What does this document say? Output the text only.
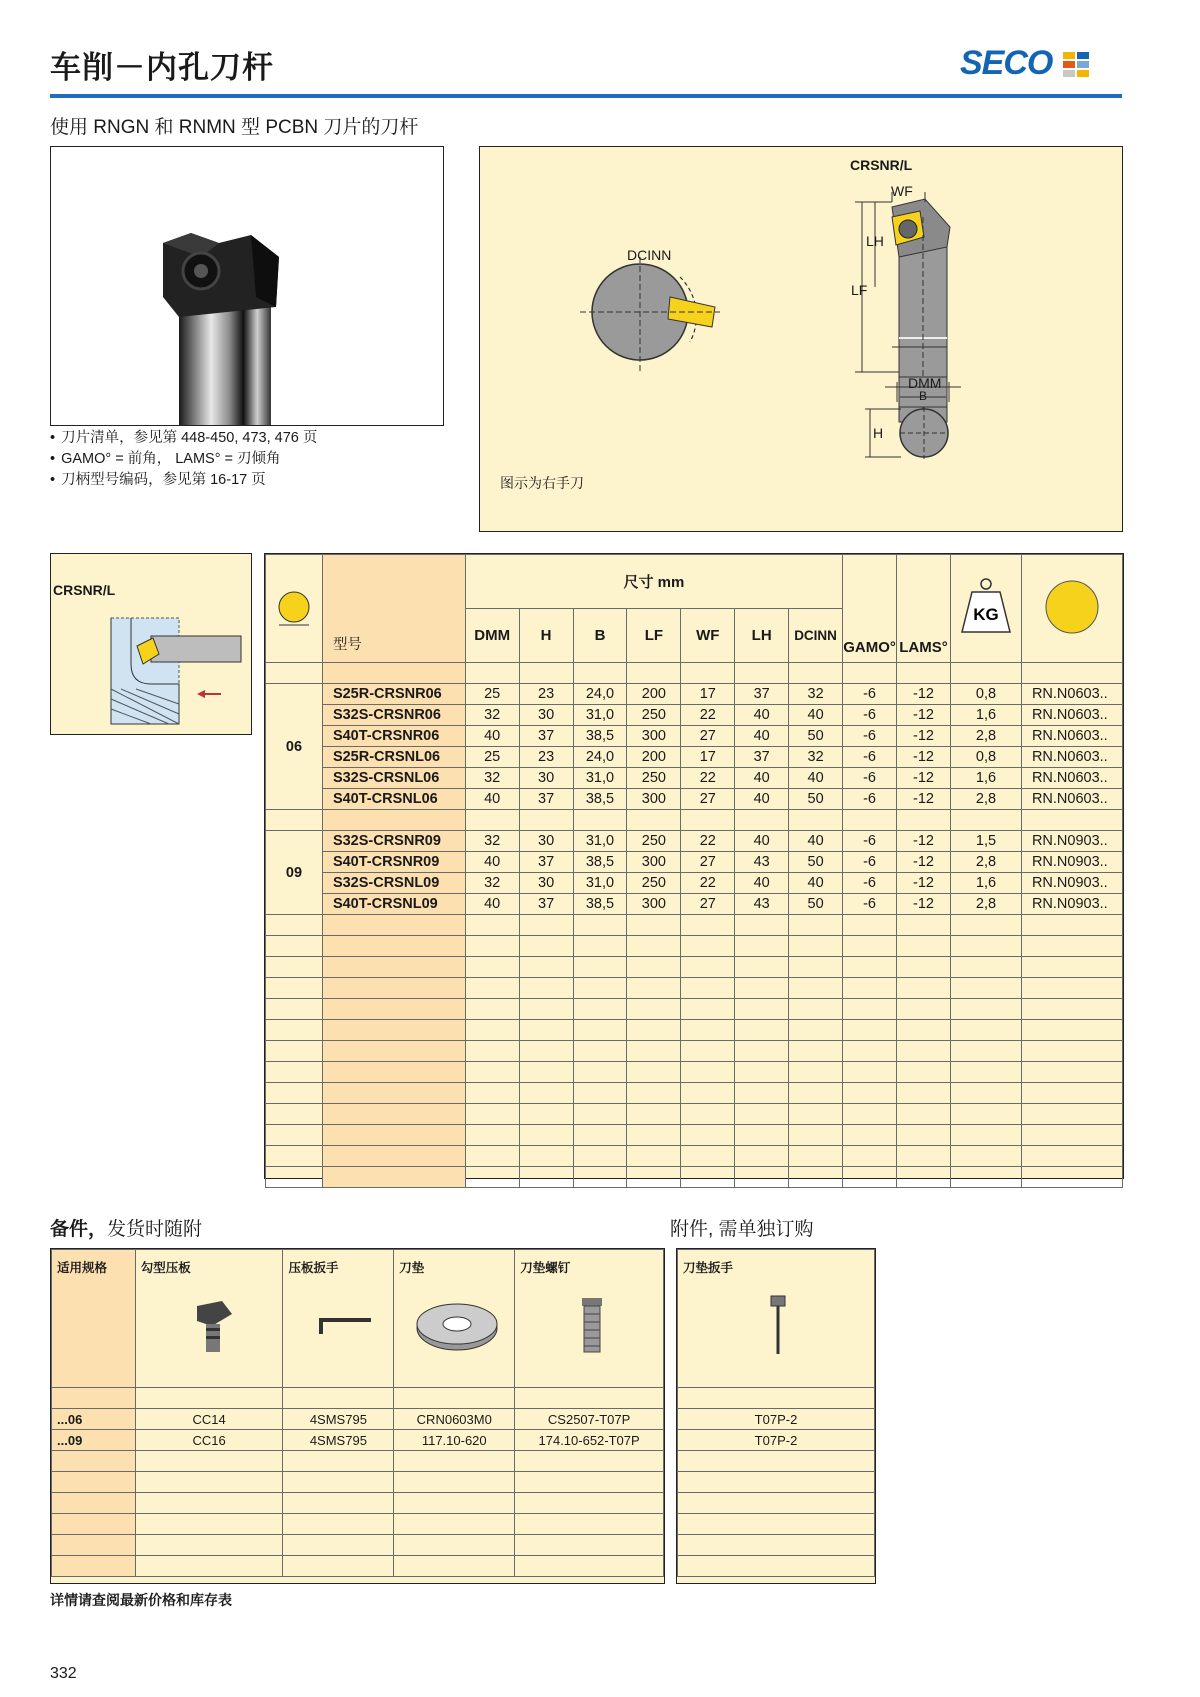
车削－内孔刀杆	SECO
使用 RNGN 和 RNMN 型 PCBN 刀片的刀杆
• 刀片清单，参见第 448-450, 473, 476 页
• GAMO° = 前角， LAMS° = 刃倾角
• 刀柄型号编码，参见第 16-17 页
CRSNR/L
WF
LH
LF
DCINN
DMM
B
H
图示为右手刀
CRSNR/L
	型号	尺寸 mm							GAMO°	LAMS°	KG

		DMM	H	B	LF	WF	LH	DCINN				

06	S25R-CRSNR06	25	23	24,0	200	17	37	32	-6	-12	0,8	RN.N0603..
	S32S-CRSNR06	32	30	31,0	250	22	40	40	-6	-12	1,6	RN.N0603..
	S40T-CRSNR06	40	37	38,5	300	27	40	50	-6	-12	2,8	RN.N0603..
	S25R-CRSNL06	25	23	24,0	200	17	37	32	-6	-12	0,8	RN.N0603..
	S32S-CRSNL06	32	30	31,0	250	22	40	40	-6	-12	1,6	RN.N0603..
	S40T-CRSNL06	40	37	38,5	300	27	40	50	-6	-12	2,8	RN.N0603..

09	S32S-CRSNR09	32	30	31,0	250	22	40	40	-6	-12	1,5	RN.N0903..
	S40T-CRSNR09	40	37	38,5	300	27	43	50	-6	-12	2,8	RN.N0903..
	S32S-CRSNL09	32	30	31,0	250	22	40	40	-6	-12	1,6	RN.N0903..
	S40T-CRSNL09	40	37	38,5	300	27	43	50	-6	-12	2,8	RN.N0903..

备件，发货时随附	附件, 需单独订购
适用规格	勾型压板	压板扳手	刀垫	刀垫螺钉

...06	CC14	4SMS795	CRN0603M0	CS2507-T07P
...09	CC16	4SMS795	117.10-620	174.10-652-T07P

刀垫扳手

T07P-2
T07P-2

详情请查阅最新价格和库存表
332
